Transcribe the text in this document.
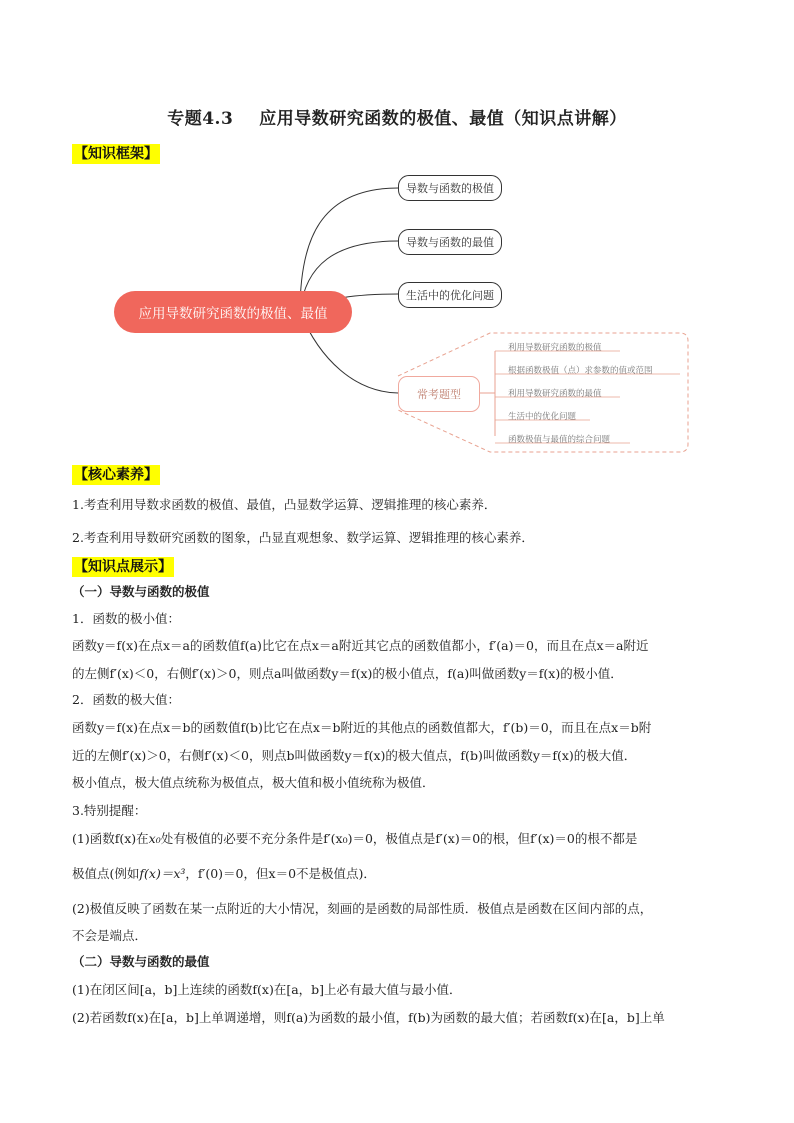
专题4.3 应用导数研究函数的极值、最值（知识点讲解）
【知识框架】
导数与函数的极值
导数与函数的最值
生活中的优化问题
应用导数研究函数的极值、最值
常考题型
利用导数研究函数的极值
根据函数极值（点）求参数的值或范围
利用导数研究函数的最值
生活中的优化问题
函数极值与最值的综合问题
【核心素养】
1.考查利用导数求函数的极值、最值，凸显数学运算、逻辑推理的核心素养．
2.考查利用导数研究函数的图象，凸显直观想象、数学运算、逻辑推理的核心素养．
【知识点展示】
（一）导数与函数的极值
1．函数的极小值：
函数y＝f(x)在点x＝a的函数值f(a)比它在点x＝a附近其它点的函数值都小，f′(a)＝0，而且在点x＝a附近
的左侧f′(x)＜0，右侧f′(x)＞0，则点a叫做函数y＝f(x)的极小值点，f(a)叫做函数y＝f(x)的极小值．
2．函数的极大值：
函数y＝f(x)在点x＝b的函数值f(b)比它在点x＝b附近的其他点的函数值都大，f′(b)＝0，而且在点x＝b附
近的左侧f′(x)＞0，右侧f′(x)＜0，则点b叫做函数y＝f(x)的极大值点，f(b)叫做函数y＝f(x)的极大值．
极小值点，极大值点统称为极值点，极大值和极小值统称为极值．
3.特别提醒：
(1)函数f(x)在x₀处有极值的必要不充分条件是f′(x₀)＝0，极值点是f′(x)＝0的根，但f′(x)＝0的根不都是
极值点(例如f(x)＝x³，f′(0)＝0，但x＝0不是极值点)．
(2)极值反映了函数在某一点附近的大小情况，刻画的是函数的局部性质．极值点是函数在区间内部的点，
不会是端点．
（二）导数与函数的最值
(1)在闭区间[a，b]上连续的函数f(x)在[a，b]上必有最大值与最小值．
(2)若函数f(x)在[a，b]上单调递增，则f(a)为函数的最小值，f(b)为函数的最大值；若函数f(x)在[a，b]上单
